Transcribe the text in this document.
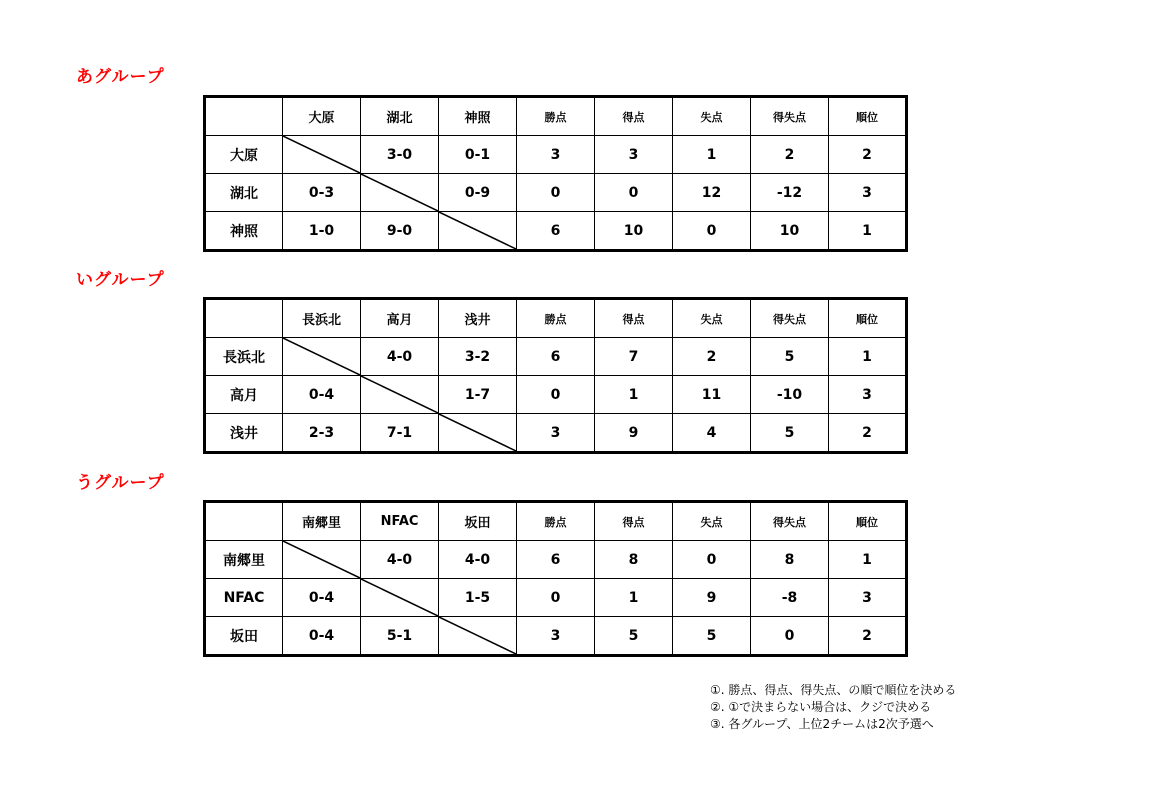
あグループ
	大原	湖北	神照	勝点	得点	失点	得失点	順位
大原		3-0	0-1	3	3	1	2	2
湖北	0-3		0-9	0	0	12	-12	3
神照	1-0	9-0		6	10	0	10	1
いグループ
	長浜北	高月	浅井	勝点	得点	失点	得失点	順位
長浜北		4-0	3-2	6	7	2	5	1
高月	0-4		1-7	0	1	11	-10	3
浅井	2-3	7-1		3	9	4	5	2
うグループ
	南郷里	NFAC	坂田	勝点	得点	失点	得失点	順位
南郷里		4-0	4-0	6	8	0	8	1
NFAC	0-4		1-5	0	1	9	-8	3
坂田	0-4	5-1		3	5	5	0	2
①. 勝点、得点、得失点、の順で順位を決める
②. ①で決まらない場合は、クジで決める
③. 各グループ、上位2チームは2次予選へ
